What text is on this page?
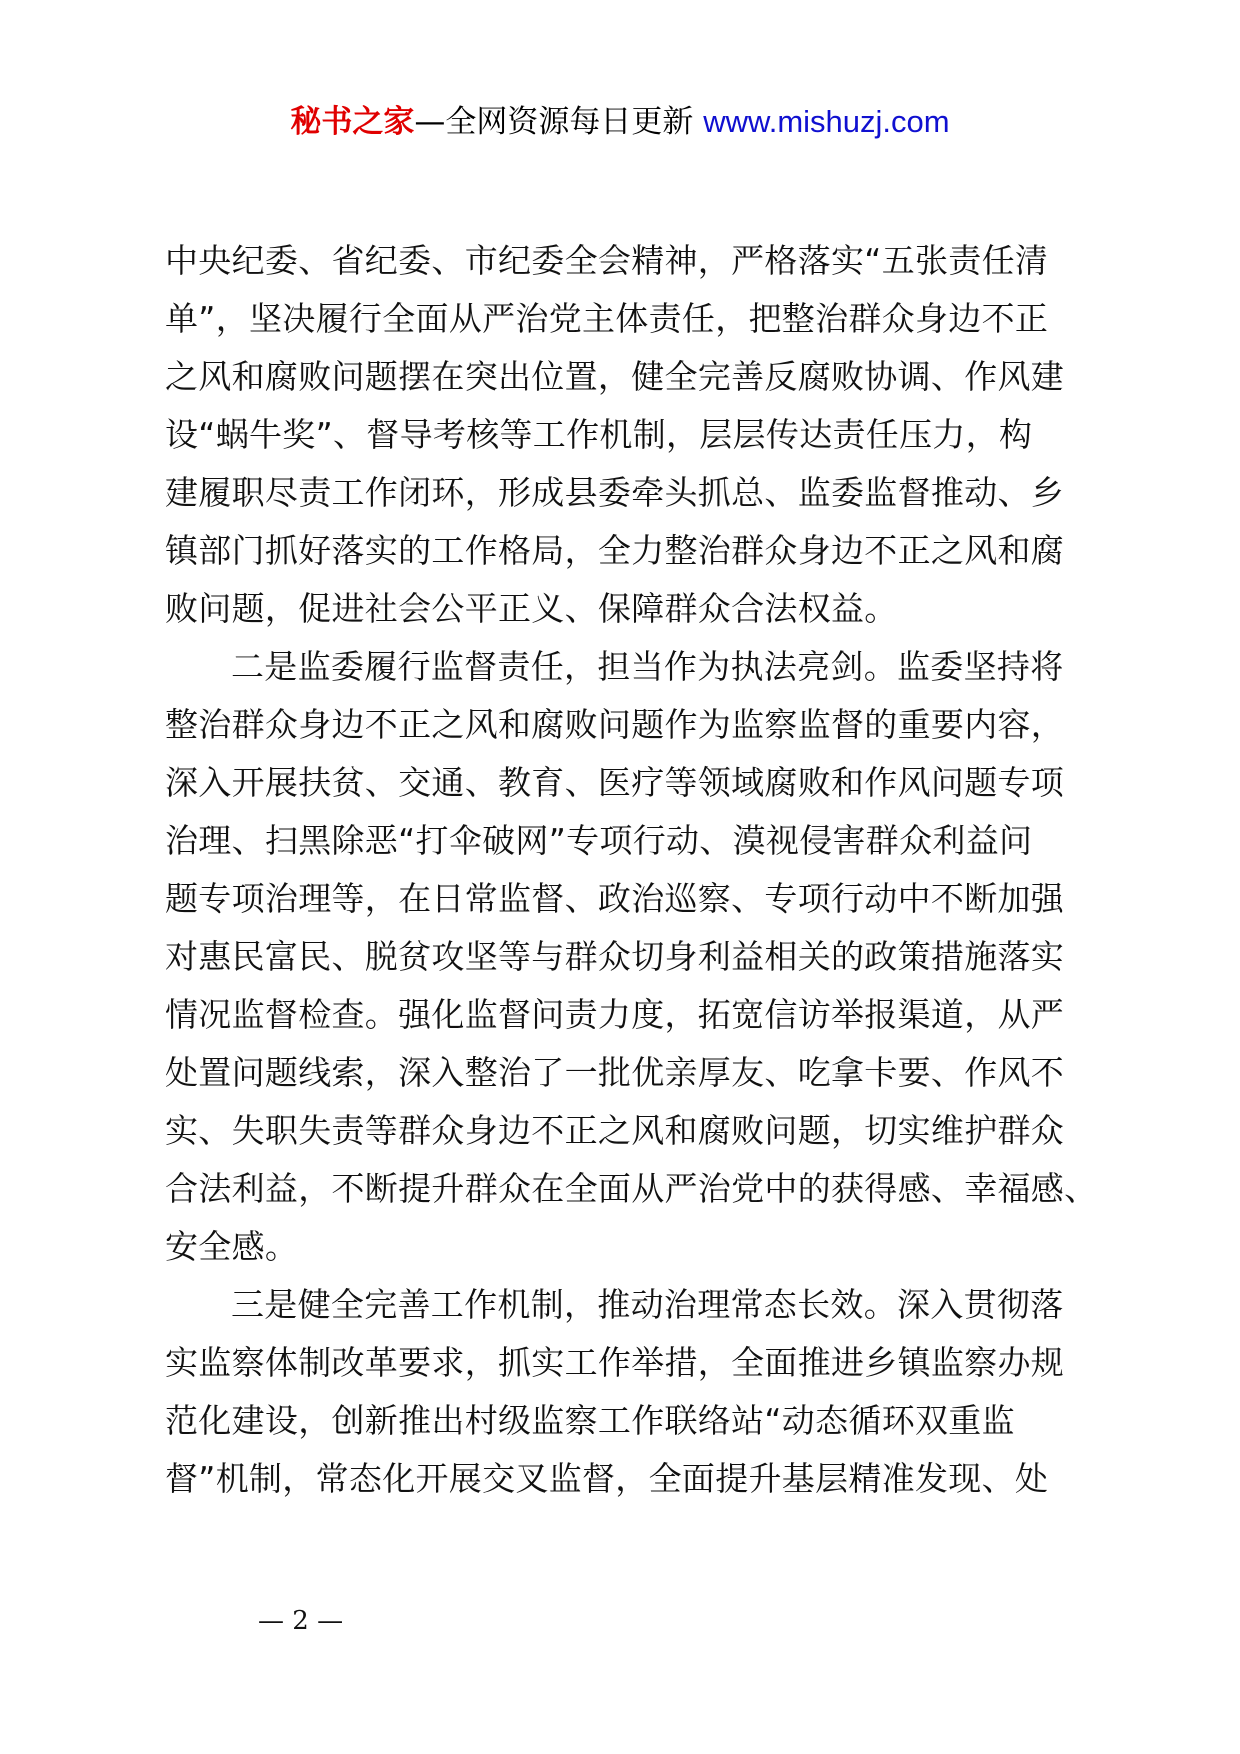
秘书之家—全网资源每日更新 www.mishuzj.com
中央纪委、省纪委、市纪委全会精神，严格落实“五张责任清
单”，坚决履行全面从严治党主体责任，把整治群众身边不正
之风和腐败问题摆在突出位置，健全完善反腐败协调、作风建
设“蜗牛奖”、督导考核等工作机制，层层传达责任压力，构
建履职尽责工作闭环，形成县委牵头抓总、监委监督推动、乡
镇部门抓好落实的工作格局，全力整治群众身边不正之风和腐
败问题，促进社会公平正义、保障群众合法权益。
二是监委履行监督责任，担当作为执法亮剑。监委坚持将
整治群众身边不正之风和腐败问题作为监察监督的重要内容，
深入开展扶贫、交通、教育、医疗等领域腐败和作风问题专项
治理、扫黑除恶“打伞破网”专项行动、漠视侵害群众利益问
题专项治理等，在日常监督、政治巡察、专项行动中不断加强
对惠民富民、脱贫攻坚等与群众切身利益相关的政策措施落实
情况监督检查。强化监督问责力度，拓宽信访举报渠道，从严
处置问题线索，深入整治了一批优亲厚友、吃拿卡要、作风不
实、失职失责等群众身边不正之风和腐败问题，切实维护群众
合法利益，不断提升群众在全面从严治党中的获得感、幸福感、
安全感。
三是健全完善工作机制，推动治理常态长效。深入贯彻落
实监察体制改革要求，抓实工作举措，全面推进乡镇监察办规
范化建设，创新推出村级监察工作联络站“动态循环双重监
督”机制，常态化开展交叉监督，全面提升基层精准发现、处
— 2 —
